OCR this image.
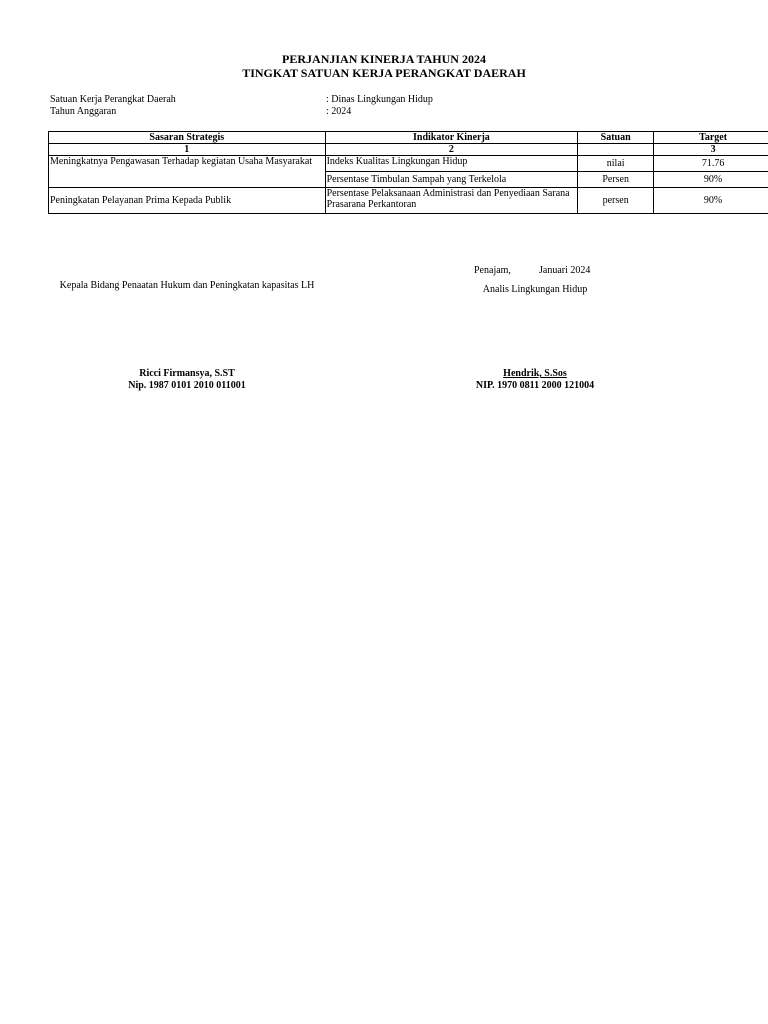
PERJANJIAN KINERJA TAHUN 2024
TINGKAT SATUAN KERJA PERANGKAT DAERAH
Satuan Kerja Perangkat Daerah	: Dinas Lingkungan Hidup
Tahun Anggaran	: 2024
Sasaran Strategis	Indikator Kinerja	Satuan	Target
1	2		3
Meningkatnya Pengawasan Terhadap kegiatan Usaha Masyarakat	Indeks Kualitas Lingkungan Hidup	nilai	71.76
	Persentase Timbulan Sampah yang Terkelola	Persen	90%
Peningkatan Pelayanan Prima Kepada Publik	Persentase Pelaksanaan Administrasi dan Penyediaan Sarana Prasarana Perkantoran	persen	90%
Penajam,	Januari 2024
Kepala Bidang Penaatan Hukum dan Peningkatan kapasitas LH	Analis Lingkungan Hidup
Ricci Firmansya, S.ST
Nip. 1987 0101 2010 011001
Hendrik, S.Sos
NIP. 1970 0811 2000 121004
